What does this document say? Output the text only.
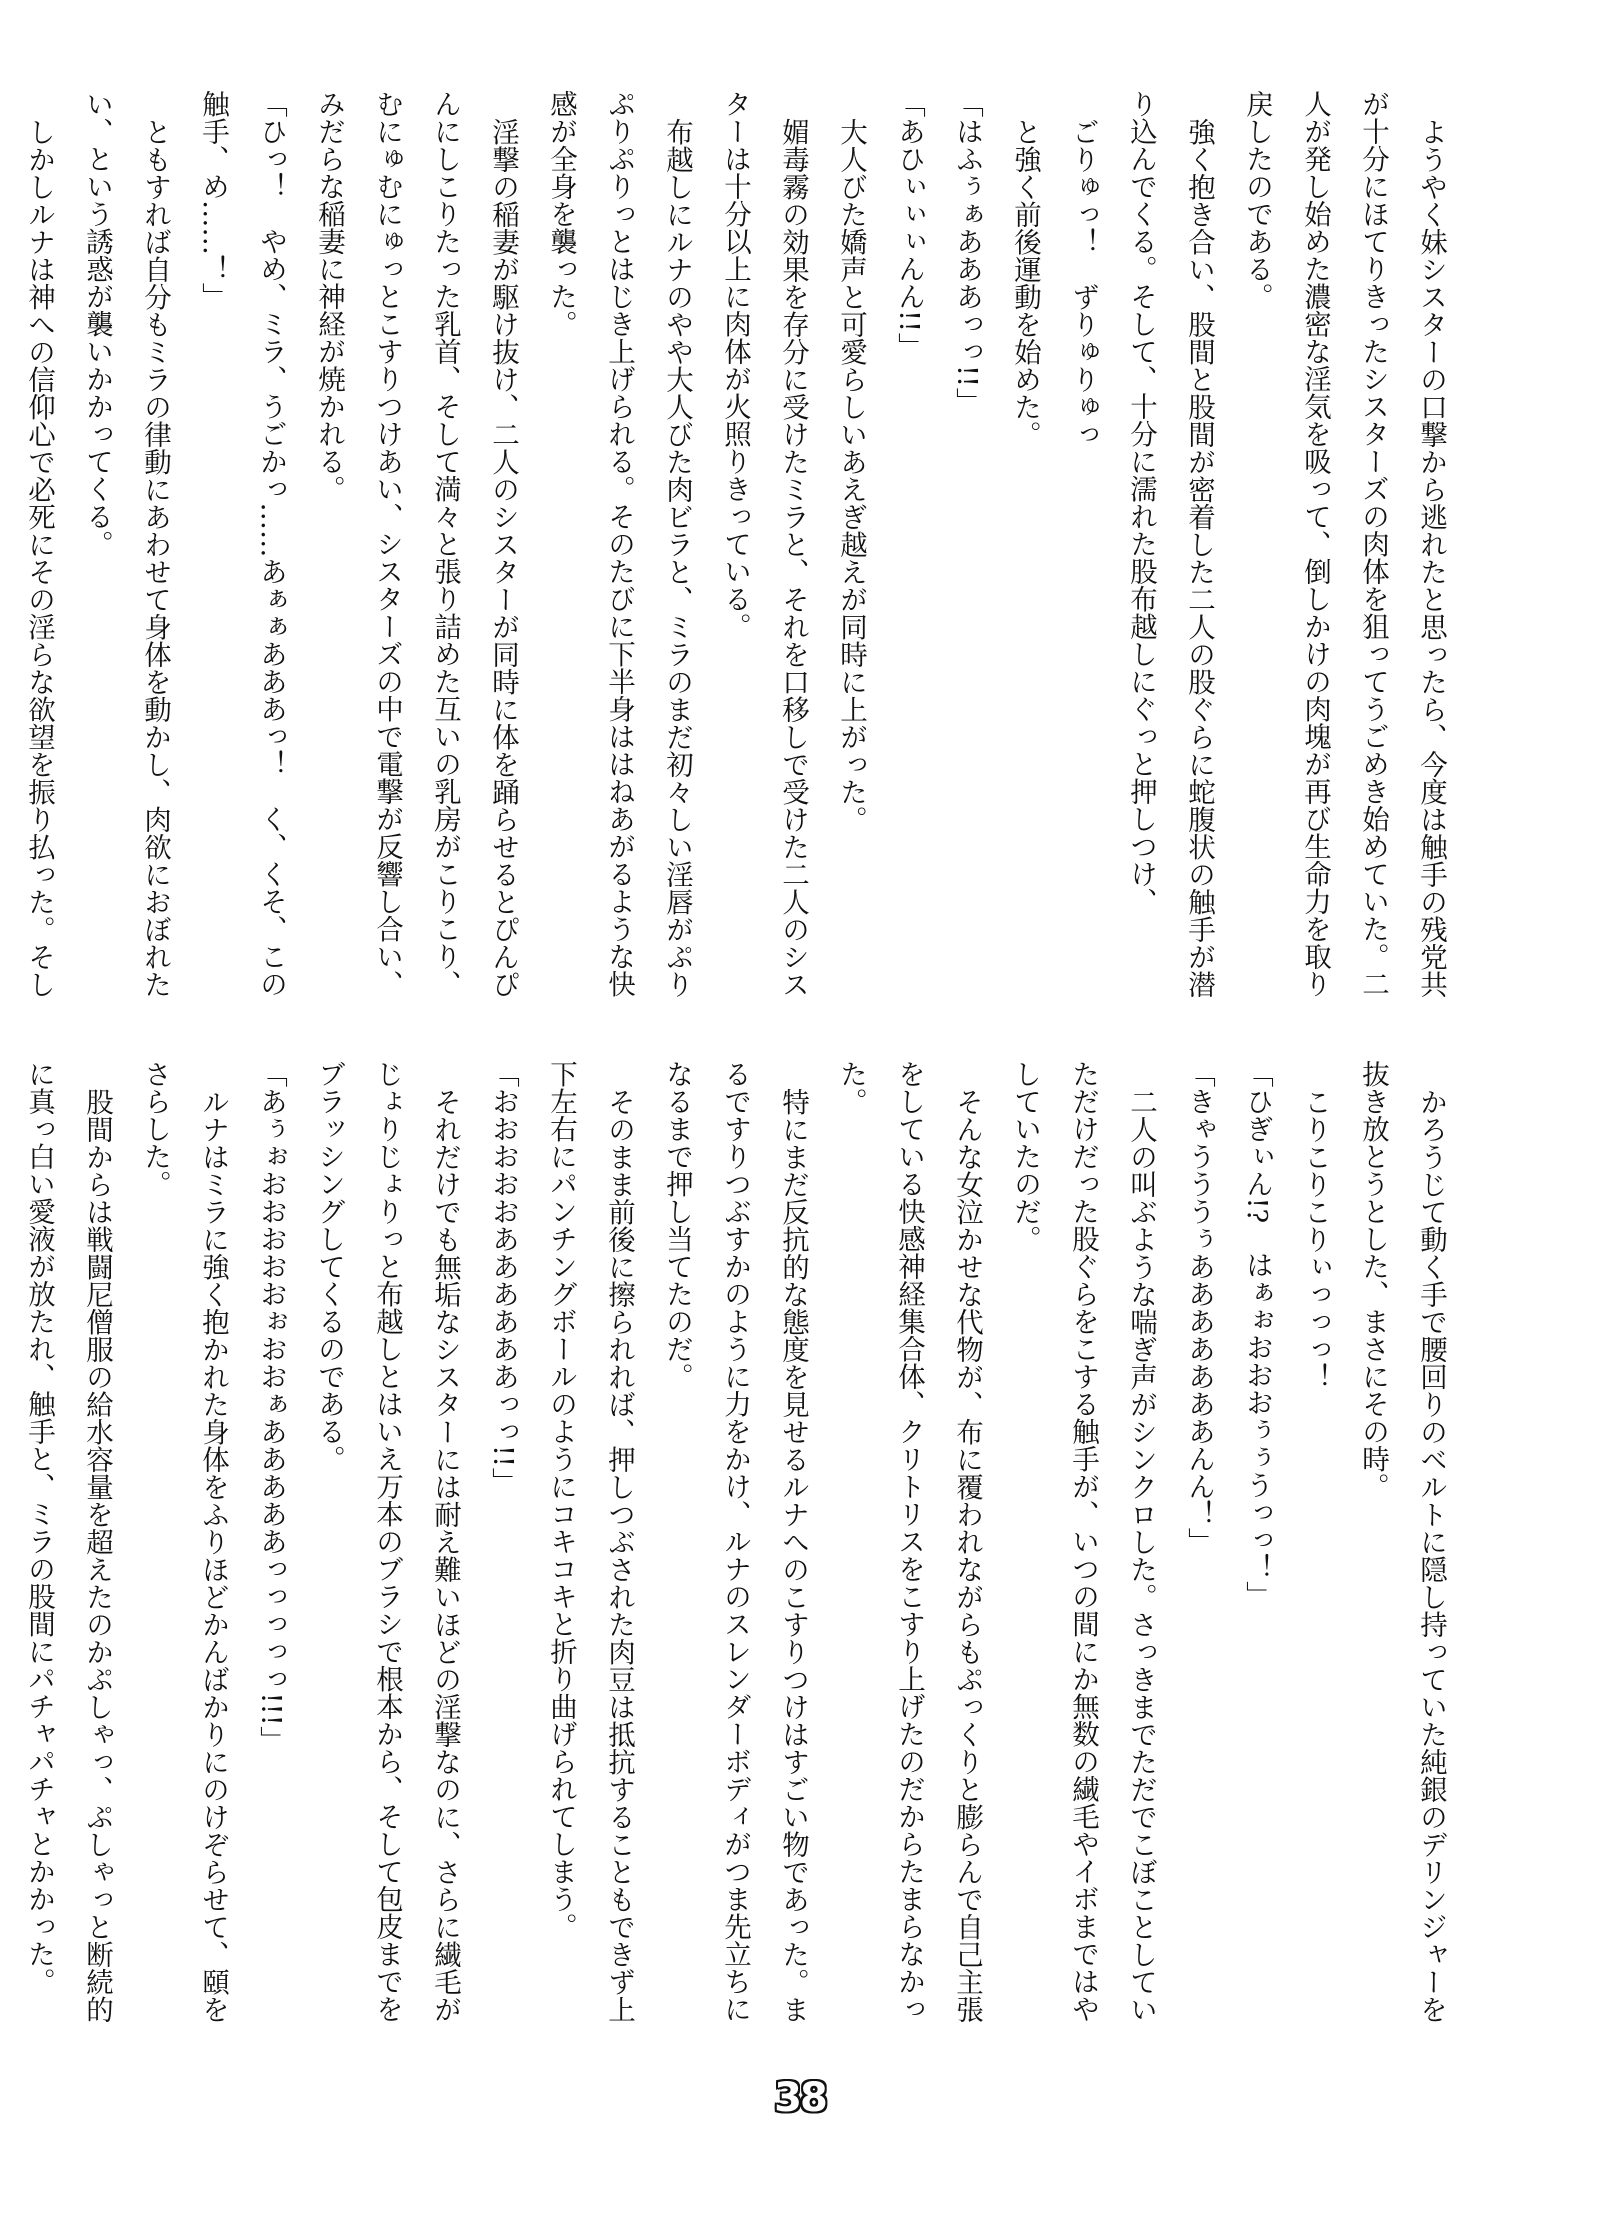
ようやく妹シスターの口撃から逃れたと思ったら、今度は触手の残党共が十分にほてりきったシスターズの肉体を狙ってうごめき始めていた。二人が発し始めた濃密な淫気を吸って、倒しかけの肉塊が再び生命力を取り戻したのである。

強く抱き合い、股間と股間が密着した二人の股ぐらに蛇腹状の触手が潜り込んでくる。そして、十分に濡れた股布越しにぐっと押しつけ、

ごりゅっ！　ずりゅりゅっ

と強く前後運動を始めた。

「はふぅぁあああっっ!!」

「あひぃぃぃんん!!」

大人びた嬌声と可愛らしいあえぎ越えが同時に上がった。

媚毒霧の効果を存分に受けたミラと、それを口移しで受けた二人のシスターは十分以上に肉体が火照りきっている。

布越しにルナのやや大人びた肉ビラと、ミラのまだ初々しい淫唇がぷりぷりぷりっとはじき上げられる。そのたびに下半身ははねあがるような快感が全身を襲った。

淫撃の稲妻が駆け抜け、二人のシスターが同時に体を踊らせるとぴんぴんにしこりたった乳首、そして満々と張り詰めた互いの乳房がこりこり、むにゅむにゅっとこすりつけあい、シスターズの中で電撃が反響し合い、みだらな稲妻に神経が焼かれる。

「ひっ！　やめ、ミラ、うごかっ……あぁぁあああっ！　く、くそ、この触手、め……！」

ともすれば自分もミラの律動にあわせて身体を動かし、肉欲におぼれたい、という誘惑が襲いかかってくる。

しかしルナは神への信仰心で必死にその淫らな欲望を振り払った。そし

かろうじて動く手で腰回りのベルトに隠し持っていた純銀のデリンジャーを抜き放とうとした、まさにその時。

こりこりこりぃっっっ！

「ひぎぃん!?　はぁぉおおおぅぅうっっ！」

「きゃうううぅあああああああんん！」

二人の叫ぶような喘ぎ声がシンクロした。さっきまでただでこぼことしていただけだった股ぐらをこする触手が、いつの間にか無数の繊毛やイボまではやしていたのだ。

そんな女泣かせな代物が、布に覆われながらもぷっくりと膨らんで自己主張をしている快感神経集合体、クリトリスをこすり上げたのだからたまらなかった。

特にまだ反抗的な態度を見せるルナへのこすりつけはすごい物であった。まるですりつぶすかのように力をかけ、ルナのスレンダーボディがつま先立ちになるまで押し当てたのだ。

そのまま前後に擦られれば、押しつぶされた肉豆は抵抗することもできず上下左右にパンチングボールのようにコキコキと折り曲げられてしまう。

「おおおおおああああああっっ!!」

それだけでも無垢なシスターには耐え難いほどの淫撃なのに、さらに繊毛がじょりじょりっと布越しとはいえ万本のブラシで根本から、そして包皮までをブラッシングしてくるのである。

「あぅぉおおおおおぉおおぁあああああっっっっっ!!!」

ルナはミラに強く抱かれた身体をふりほどかんばかりにのけぞらせて、頤をさらした。

股間からは戦闘尼僧服の給水容量を超えたのかぷしゃっ、ぷしゃっと断続的に真っ白い愛液が放たれ、触手と、ミラの股間にパチャパチャとかかった。

38
